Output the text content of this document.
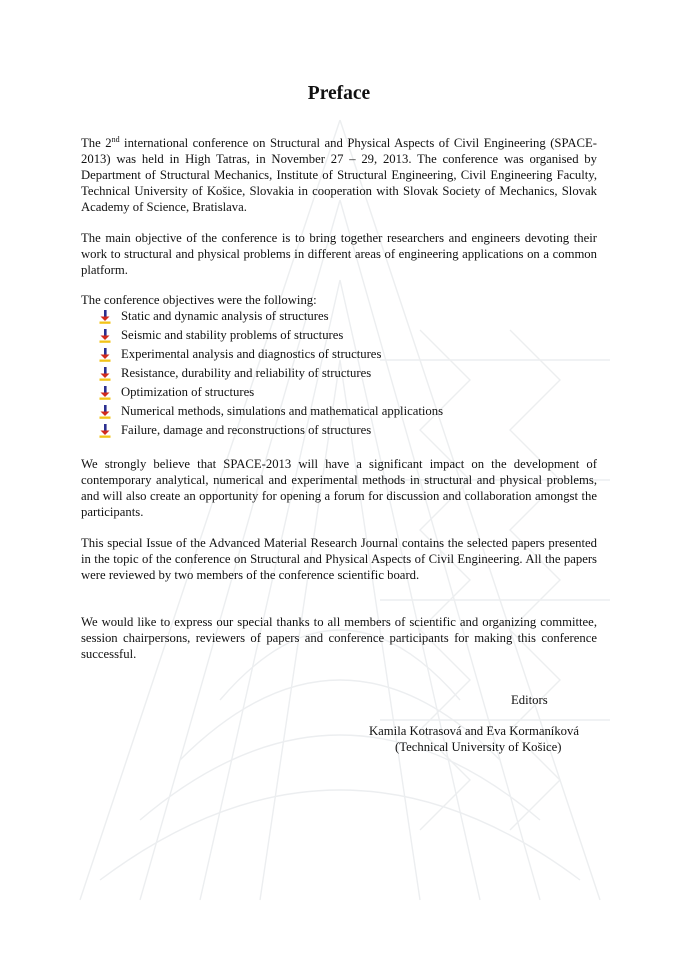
Preface

The 2nd international conference on Structural and Physical Aspects of Civil Engineering (SPACE-2013) was held in High Tatras, in November 27 – 29, 2013. The conference was organised by Department of Structural Mechanics, Institute of Structural Engineering, Civil Engineering Faculty, Technical University of Košice, Slovakia in cooperation with Slovak Society of Mechanics, Slovak Academy of Science, Bratislava.

The main objective of the conference is to bring together researchers and engineers devoting their work to structural and physical problems in different areas of engineering applications on a common platform.

The conference objectives were the following:

Static and dynamic analysis of structures
Seismic and stability problems of structures
Experimental analysis and diagnostics of structures
Resistance, durability and reliability of structures
Optimization of structures
Numerical methods, simulations and mathematical applications
Failure, damage and reconstructions of structures

We strongly believe that SPACE-2013 will have a significant impact on the development of contemporary analytical, numerical and experimental methods in structural and physical problems, and will also create an opportunity for opening a forum for discussion and collaboration amongst the participants.

This special Issue of the Advanced Material Research Journal contains the selected papers presented in the topic of the conference on Structural and Physical Aspects of Civil Engineering. All the papers were reviewed by two members of the conference scientific board.

We would like to express our special thanks to all members of scientific and organizing committee, session chairpersons, reviewers of papers and conference participants for making this conference successful.

Editors

Kamila Kotrasová and Eva Kormaníková

(Technical University of Košice)
